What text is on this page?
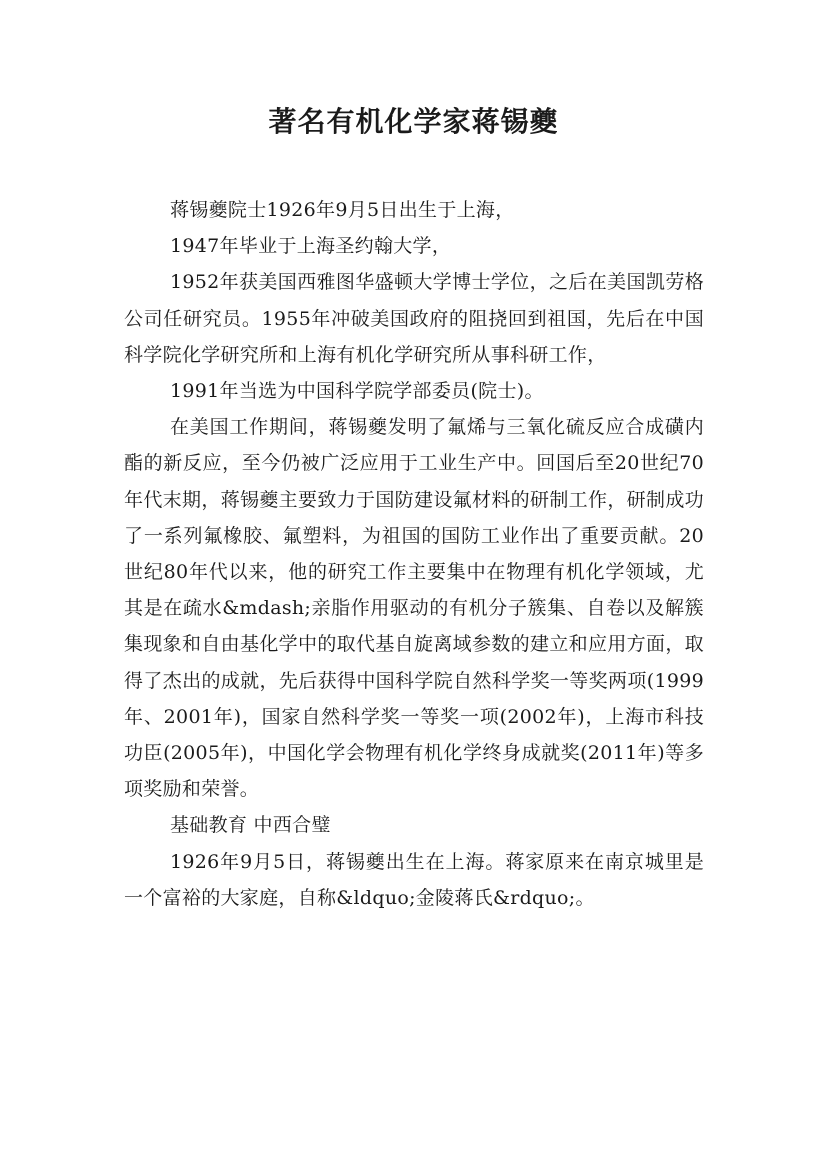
著名有机化学家蒋锡夔

蒋锡夔院士1926年9月5日出生于上海，

1947年毕业于上海圣约翰大学，

1952年获美国西雅图华盛顿大学博士学位，之后在美国凯劳格公司任研究员。1955年冲破美国政府的阻挠回到祖国，先后在中国科学院化学研究所和上海有机化学研究所从事科研工作，

1991年当选为中国科学院学部委员(院士)。

在美国工作期间，蒋锡夔发明了氟烯与三氧化硫反应合成磺内酯的新反应，至今仍被广泛应用于工业生产中。回国后至20世纪70年代末期，蒋锡夔主要致力于国防建设氟材料的研制工作，研制成功了一系列氟橡胶、氟塑料，为祖国的国防工业作出了重要贡献。20世纪80年代以来，他的研究工作主要集中在物理有机化学领域，尤其是在疏水&mdash;亲脂作用驱动的有机分子簇集、自卷以及解簇集现象和自由基化学中的取代基自旋离域参数的建立和应用方面，取得了杰出的成就，先后获得中国科学院自然科学奖一等奖两项(1999年、2001年)，国家自然科学奖一等奖一项(2002年)，上海市科技功臣(2005年)，中国化学会物理有机化学终身成就奖(2011年)等多项奖励和荣誉。

基础教育 中西合璧

1926年9月5日，蒋锡夔出生在上海。蒋家原来在南京城里是一个富裕的大家庭，自称&ldquo;金陵蒋氏&rdquo;。
